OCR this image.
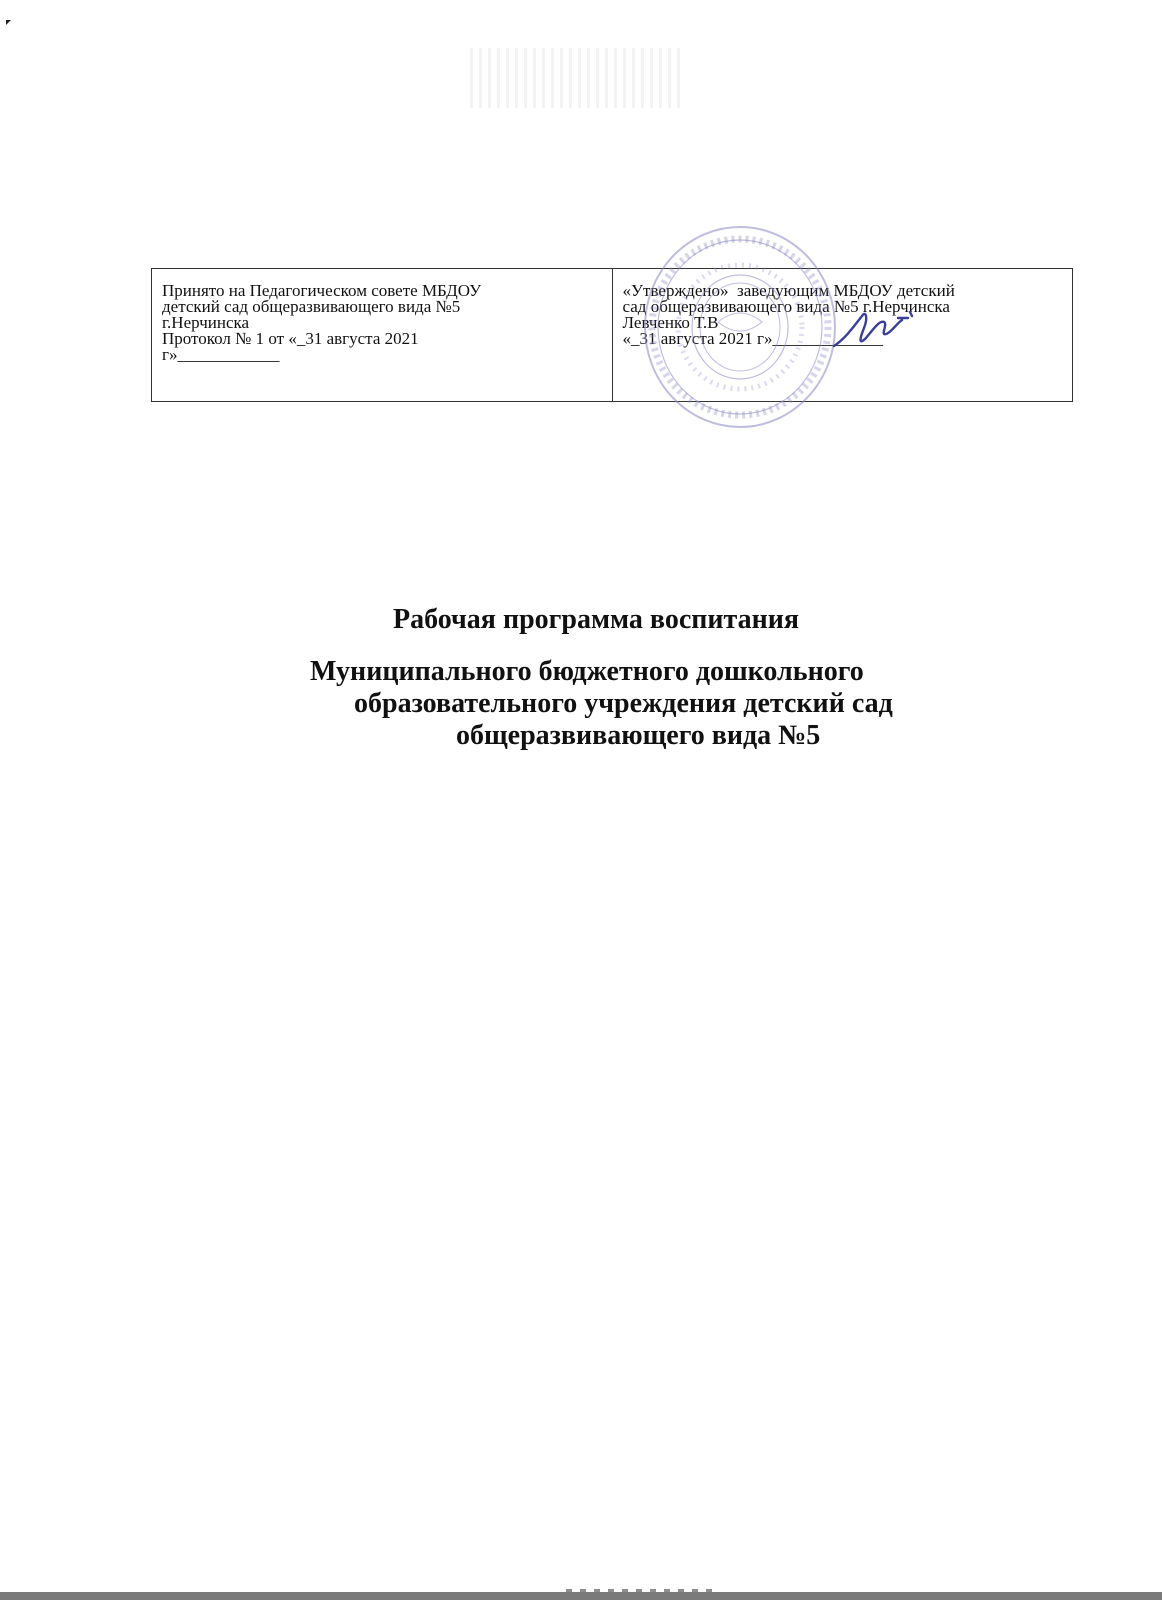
Принято на Педагогическом совете МБДОУ
детский сад общеразвивающего вида №5
г.Нерчинска
Протокол № 1 от «_31 августа 2021
г»____________
«Утверждено»  заведующим МБДОУ детский
сад общеразвивающего вида №5 г.Нерчинска
Левченко Т.В
«_31 августа 2021 г»_____________
Рабочая программа воспитания
Муниципального бюджетного дошкольного
образовательного учреждения детский сад
общеразвивающего вида №5
